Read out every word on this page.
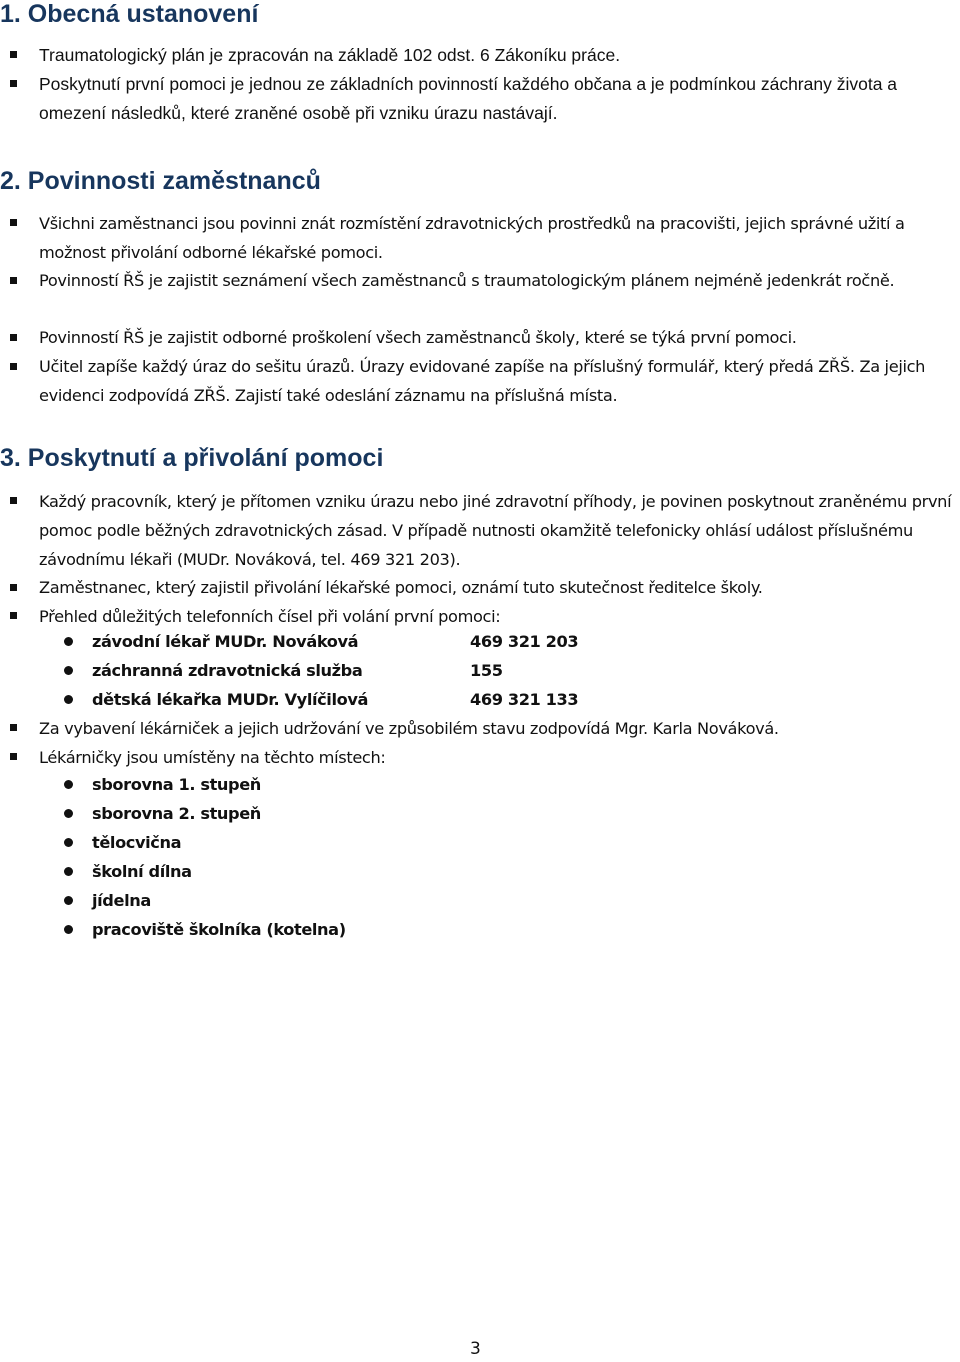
1. Obecná ustanovení
Traumatologický plán je zpracován na základě 102 odst. 6 Zákoníku práce.
Poskytnutí první pomoci je jednou ze základních povinností každého občana a je podmínkou záchrany života a omezení následků, které zraněné osobě při vzniku úrazu nastávají.
2. Povinnosti zaměstnanců
Všichni zaměstnanci jsou povinni znát rozmístění zdravotnických prostředků na pracovišti, jejich správné užití a možnost přivolání odborné lékařské pomoci.
Povinností ŘŠ je zajistit seznámení všech zaměstnanců s traumatologickým plánem nejméně jedenkrát ročně.
Povinností ŘŠ je zajistit odborné proškolení všech zaměstnanců školy, které se týká první pomoci.
Učitel zapíše každý úraz do sešitu úrazů. Úrazy evidované zapíše na příslušný formulář, který předá ZŘŠ. Za jejich evidenci zodpovídá ZŘŠ. Zajistí také odeslání záznamu na příslušná místa.
3. Poskytnutí a přivolání pomoci
Každý pracovník, který je přítomen vzniku úrazu nebo jiné zdravotní příhody, je povinen poskytnout zraněnému první pomoc podle běžných zdravotnických zásad. V případě nutnosti okamžitě telefonicky ohlásí událost příslušnému závodnímu lékaři (MUDr. Nováková, tel. 469 321 203).
Zaměstnanec, který zajistil přivolání lékařské pomoci, oznámí tuto skutečnost ředitelce školy.
Přehled důležitých telefonních čísel při volání první pomoci:
závodní lékař MUDr. Nováková	469 321 203
záchranná zdravotnická služba	155
dětská lékařka MUDr. Vylíčilová	469 321 133
Za vybavení lékárniček a jejich udržování ve způsobilém stavu zodpovídá Mgr. Karla Nováková.
Lékárničky jsou umístěny na těchto místech:
sborovna 1. stupeň
sborovna 2. stupeň
tělocvična
školní dílna
jídelna
pracoviště školníka (kotelna)
3
